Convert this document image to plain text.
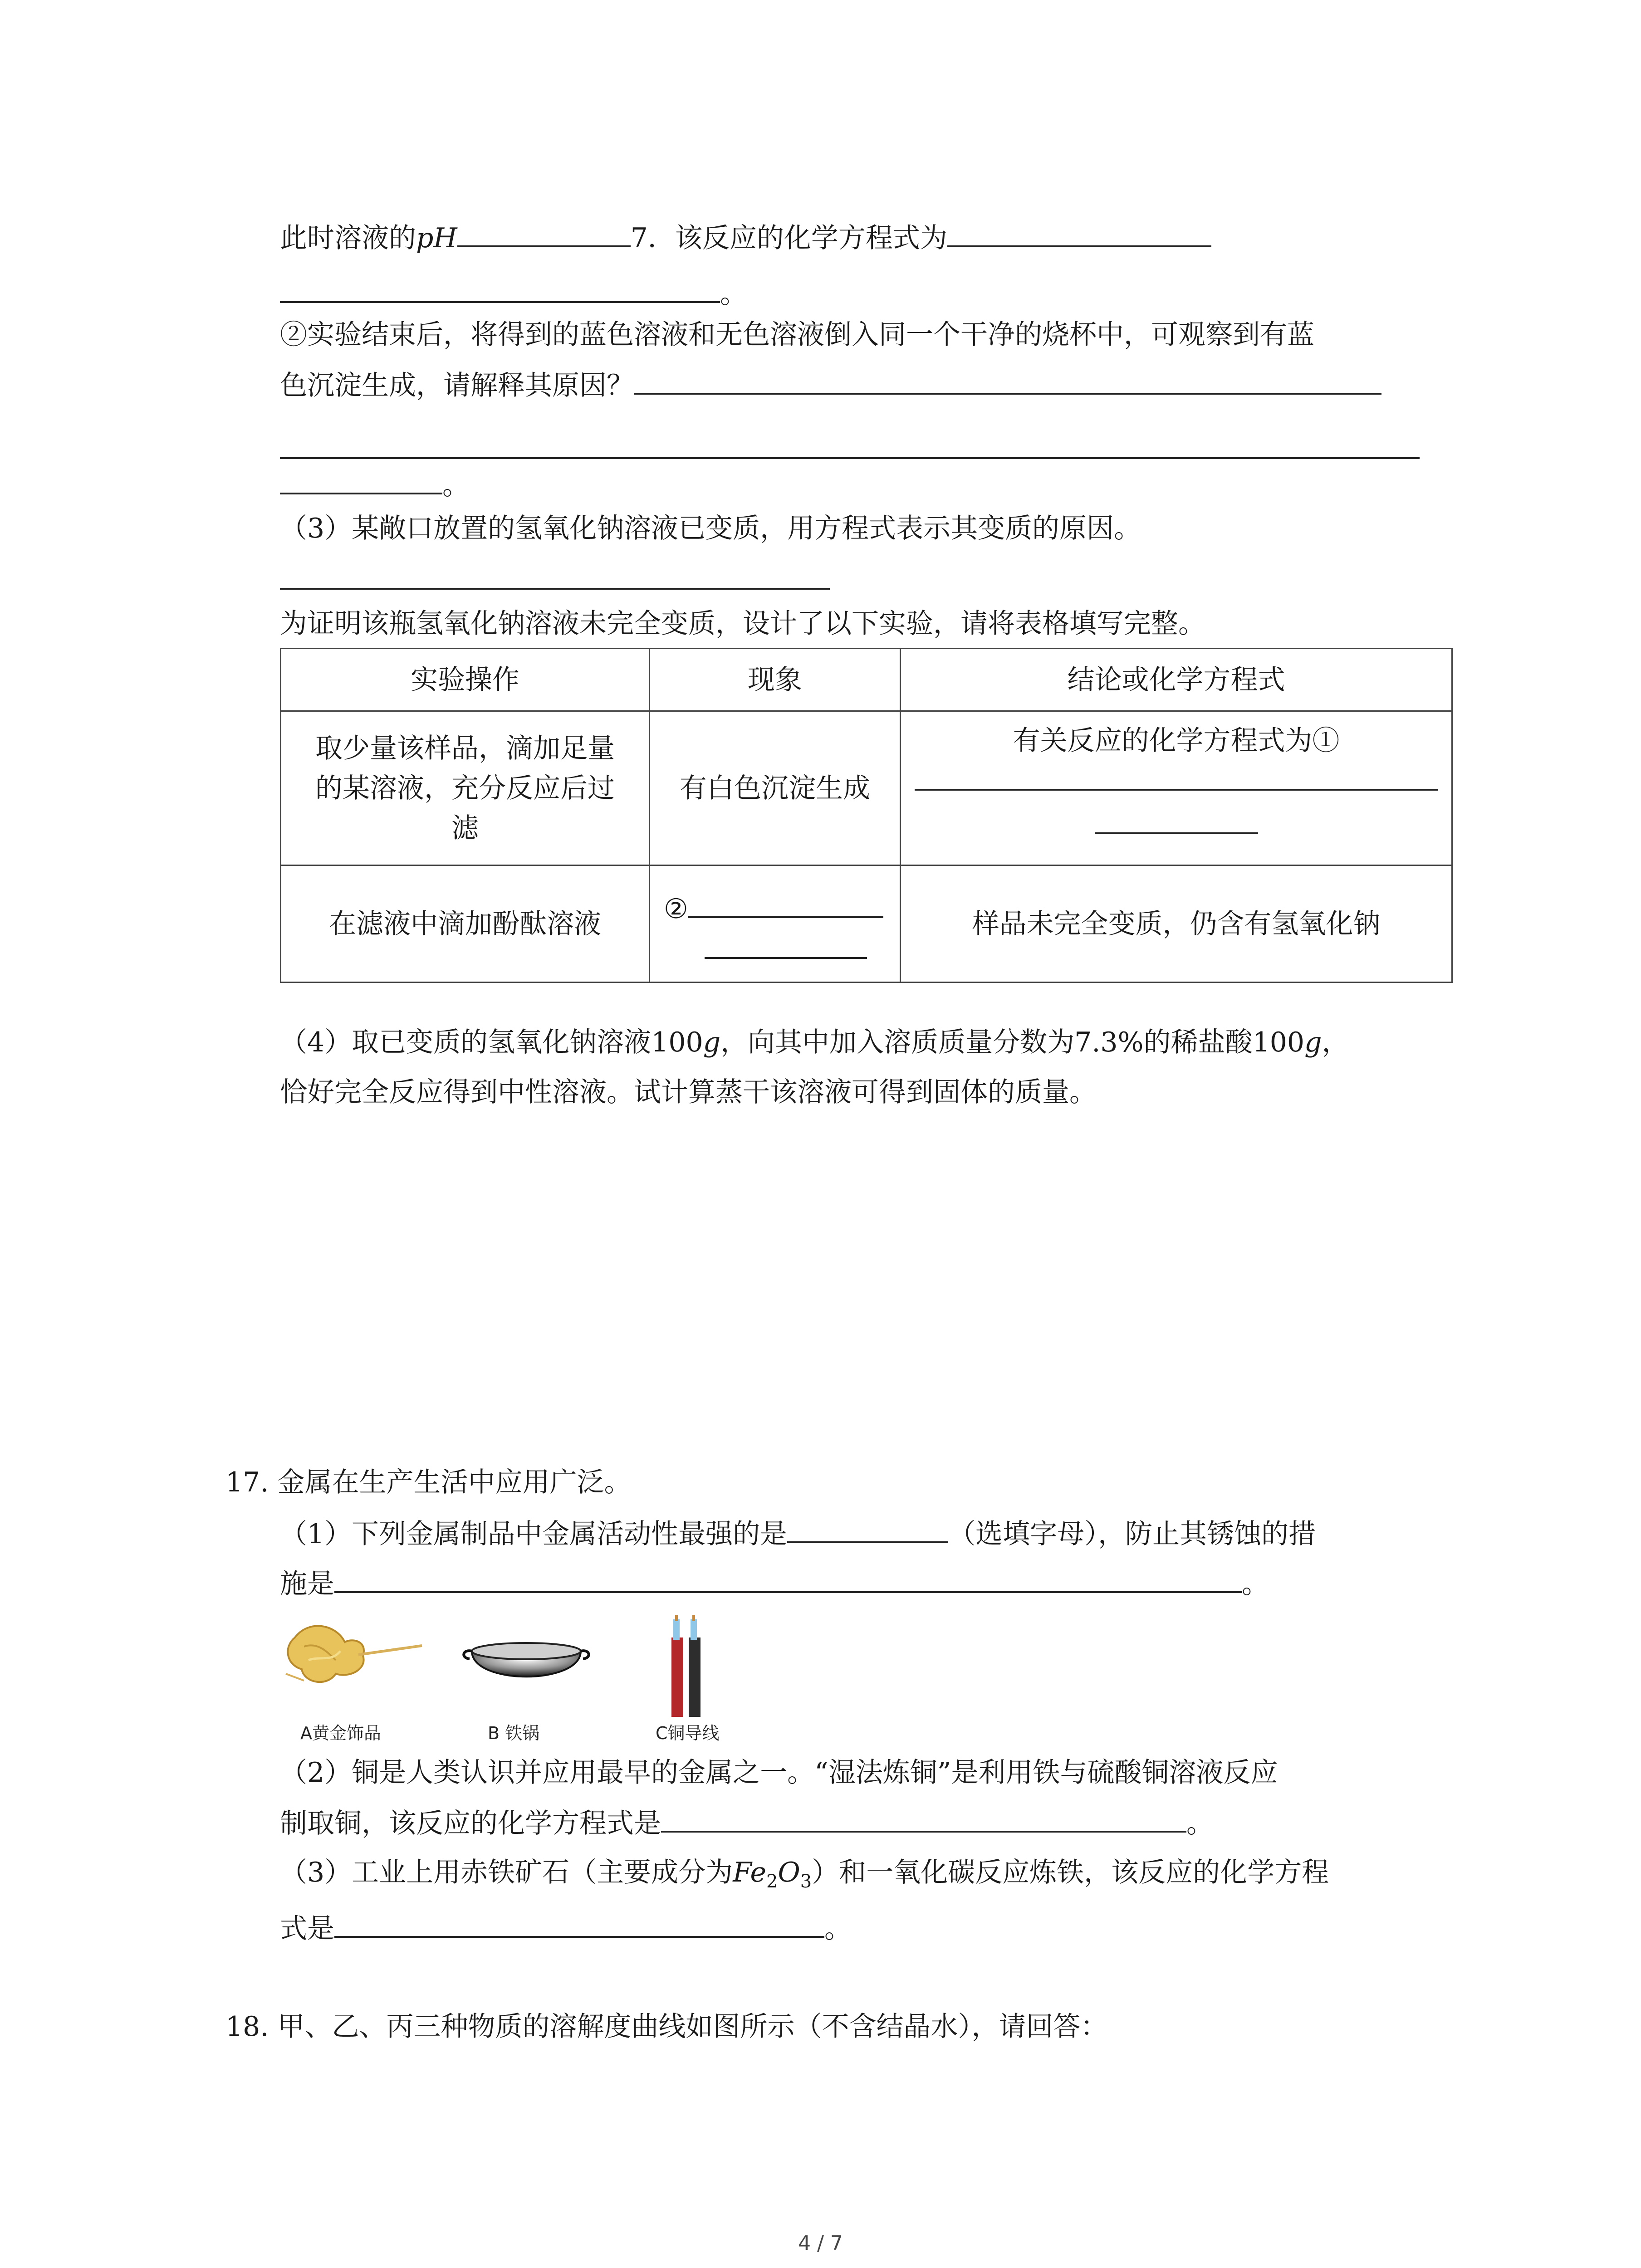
此时溶液的pH	7．该反应的化学方程式为
。
②实验结束后，将得到的蓝色溶液和无色溶液倒入同一个干净的烧杯中，可观察到有蓝
色沉淀生成，请解释其原因？
。
（3）某敞口放置的氢氧化钠溶液已变质，用方程式表示其变质的原因。
为证明该瓶氢氧化钠溶液未完全变质，设计了以下实验，请将表格填写完整。
实验操作	现象	结论或化学方程式

取少量该样品，滴加足量
的某溶液，充分反应后过
滤	有白色沉淀生成	有关反应的化学方程式为①

在滤液中滴加酚酞溶液	②	样品未完全变质，仍含有氢氧化钠
（4）取已变质的氢氧化钠溶液100g，向其中加入溶质质量分数为7.3%的稀盐酸100g，
恰好完全反应得到中性溶液。试计算蒸干该溶液可得到固体的质量。
17. 金属在生产生活中应用广泛。
（1）下列金属制品中金属活动性最强的是	（选填字母），防止其锈蚀的措
施是	。
A黄金饰品	B 铁锅	C铜导线
（2）铜是人类认识并应用最早的金属之一。“湿法炼铜”是利用铁与硫酸铜溶液反应
制取铜，该反应的化学方程式是	。
（3）工业上用赤铁矿石（主要成分为$Fe_2O_3$）和一氧化碳反应炼铁，该反应的化学方程
式是	。
18. 甲、乙、丙三种物质的溶解度曲线如图所示（不含结晶水），请回答：
4 / 7
